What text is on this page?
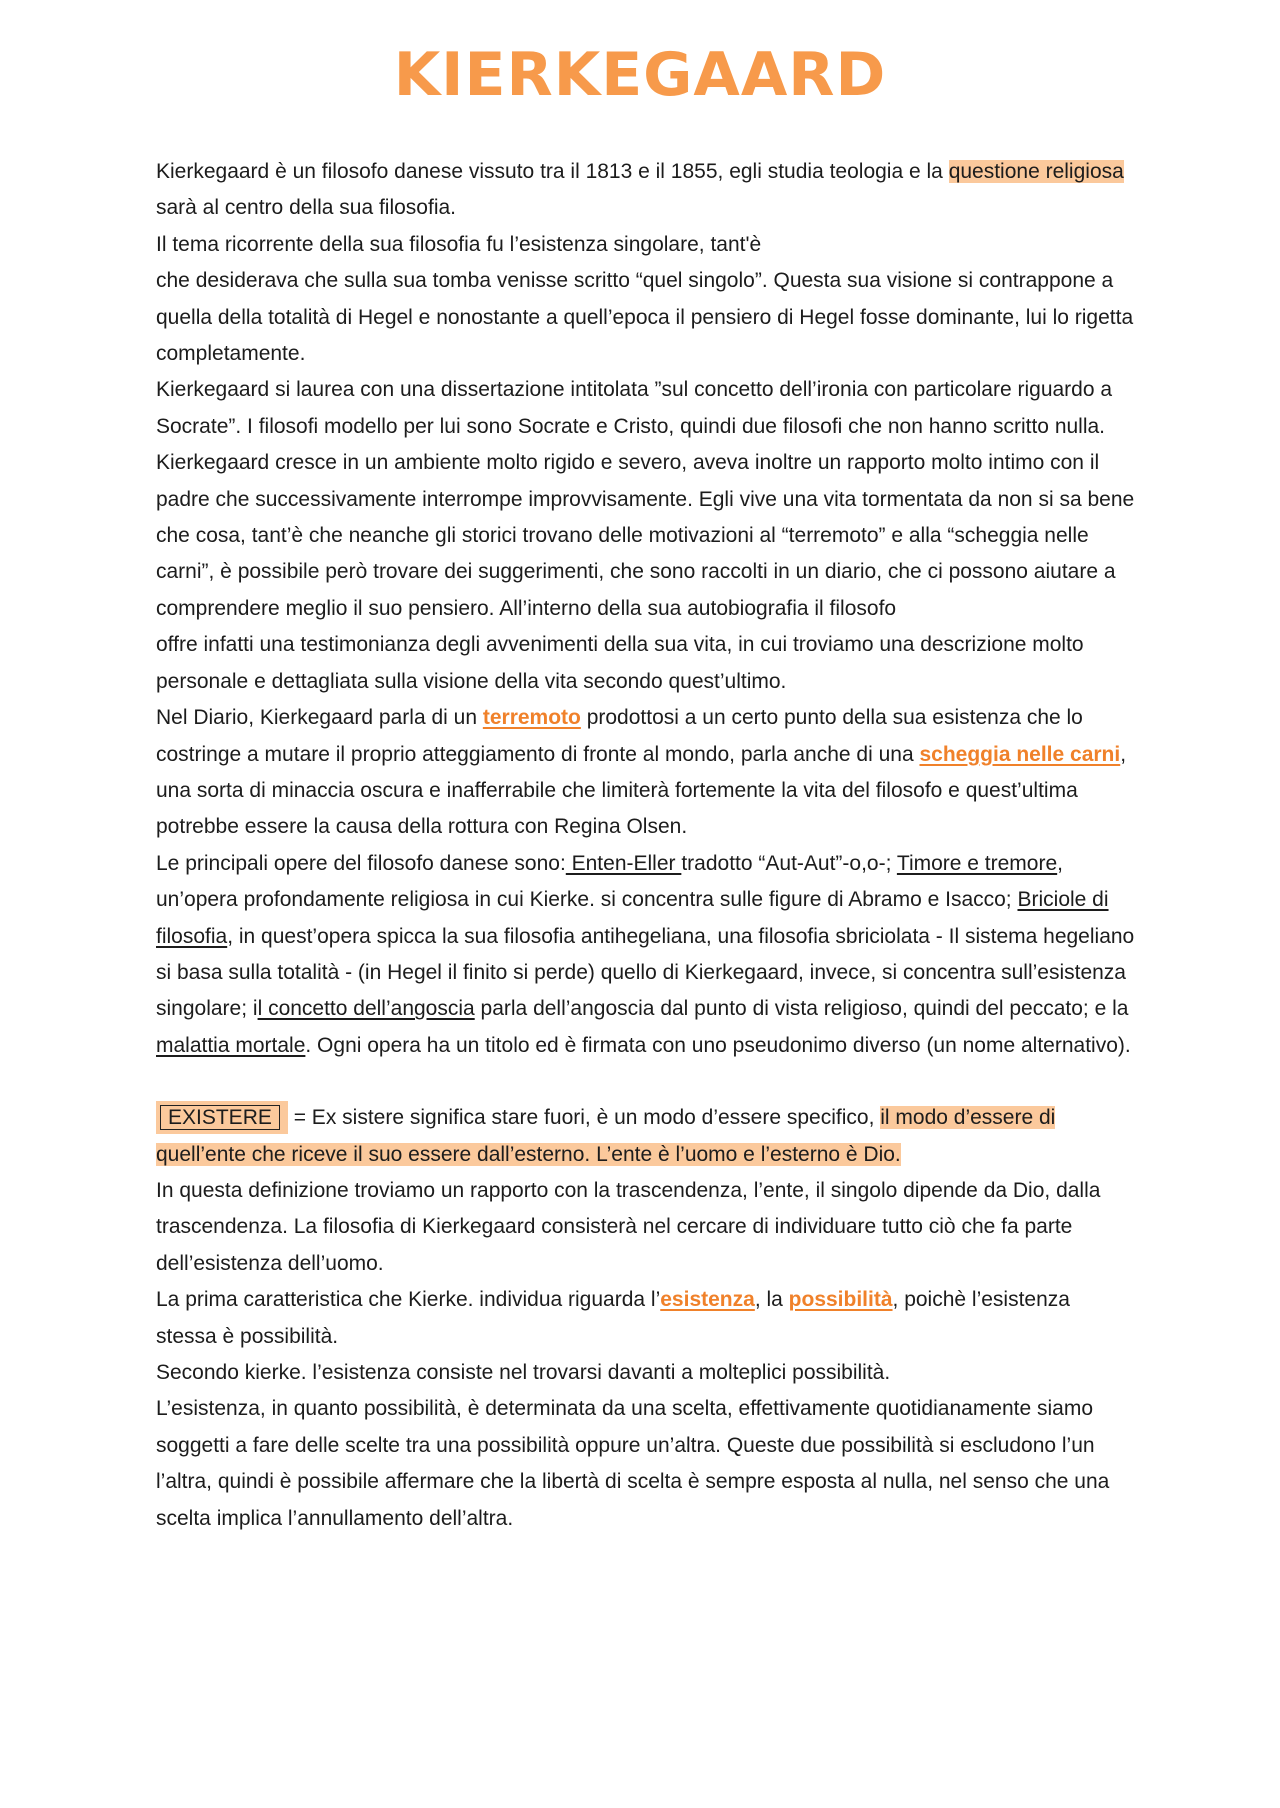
KIERKEGAARD

Kierkegaard è un filosofo danese vissuto tra il 1813 e il 1855, egli studia teologia e la questione religiosa sarà al centro della sua filosofia.

Il tema ricorrente della sua filosofia fu l’esistenza singolare, tant'è

che desiderava che sulla sua tomba venisse scritto “quel singolo”. Questa sua visione si contrappone a quella della totalità di Hegel e nonostante a quell’epoca il pensiero di Hegel fosse dominante, lui lo rigetta completamente.

Kierkegaard si laurea con una dissertazione intitolata ”sul concetto dell’ironia con particolare riguardo a Socrate”. I filosofi modello per lui sono Socrate e Cristo, quindi due filosofi che non hanno scritto nulla. Kierkegaard cresce in un ambiente molto rigido e severo, aveva inoltre un rapporto molto intimo con il padre che successivamente interrompe improvvisamente. Egli vive una vita tormentata da non si sa bene che cosa, tant’è che neanche gli storici trovano delle motivazioni al “terremoto” e alla “scheggia nelle carni”, è possibile però trovare dei suggerimenti, che sono raccolti in un diario, che ci possono aiutare a comprendere meglio il suo pensiero. All’interno della sua autobiografia il filosofo

offre infatti una testimonianza degli avvenimenti della sua vita, in cui troviamo una descrizione molto personale e dettagliata sulla visione della vita secondo quest’ultimo.

Nel Diario, Kierkegaard parla di un terremoto prodottosi a un certo punto della sua esistenza che lo costringe a mutare il proprio atteggiamento di fronte al mondo, parla anche di una scheggia nelle carni, una sorta di minaccia oscura e inafferrabile che limiterà fortemente la vita del filosofo e quest’ultima potrebbe essere la causa della rottura con Regina Olsen.

Le principali opere del filosofo danese sono: Enten-Eller tradotto “Aut-Aut”-o,o-; Timore e tremore, un’opera profondamente religiosa in cui Kierke. si concentra sulle figure di Abramo e Isacco; Briciole di filosofia, in quest’opera spicca la sua filosofia antihegeliana, una filosofia sbriciolata - Il sistema hegeliano si basa sulla totalità - (in Hegel il finito si perde) quello di Kierkegaard, invece, si concentra sull’esistenza singolare; il concetto dell’angoscia parla dell’angoscia dal punto di vista religioso, quindi del peccato; e la malattia mortale. Ogni opera ha un titolo ed è firmata con uno pseudonimo diverso (un nome alternativo).

EXISTERE = Ex sistere significa stare fuori, è un modo d’essere specifico, il modo d’essere di quell’ente che riceve il suo essere dall’esterno. L’ente è l’uomo e l’esterno è Dio.

In questa definizione troviamo un rapporto con la trascendenza, l’ente, il singolo dipende da Dio, dalla trascendenza. La filosofia di Kierkegaard consisterà nel cercare di individuare tutto ciò che fa parte dell’esistenza dell’uomo.

La prima caratteristica che Kierke. individua riguarda l’esistenza, la possibilità, poichè l’esistenza stessa è possibilità.

Secondo kierke. l’esistenza consiste nel trovarsi davanti a molteplici possibilità.

L’esistenza, in quanto possibilità, è determinata da una scelta, effettivamente quotidianamente siamo soggetti a fare delle scelte tra una possibilità oppure un’altra. Queste due possibilità si escludono l’un l’altra, quindi è possibile affermare che la libertà di scelta è sempre esposta al nulla, nel senso che una scelta implica l’annullamento dell’altra.
